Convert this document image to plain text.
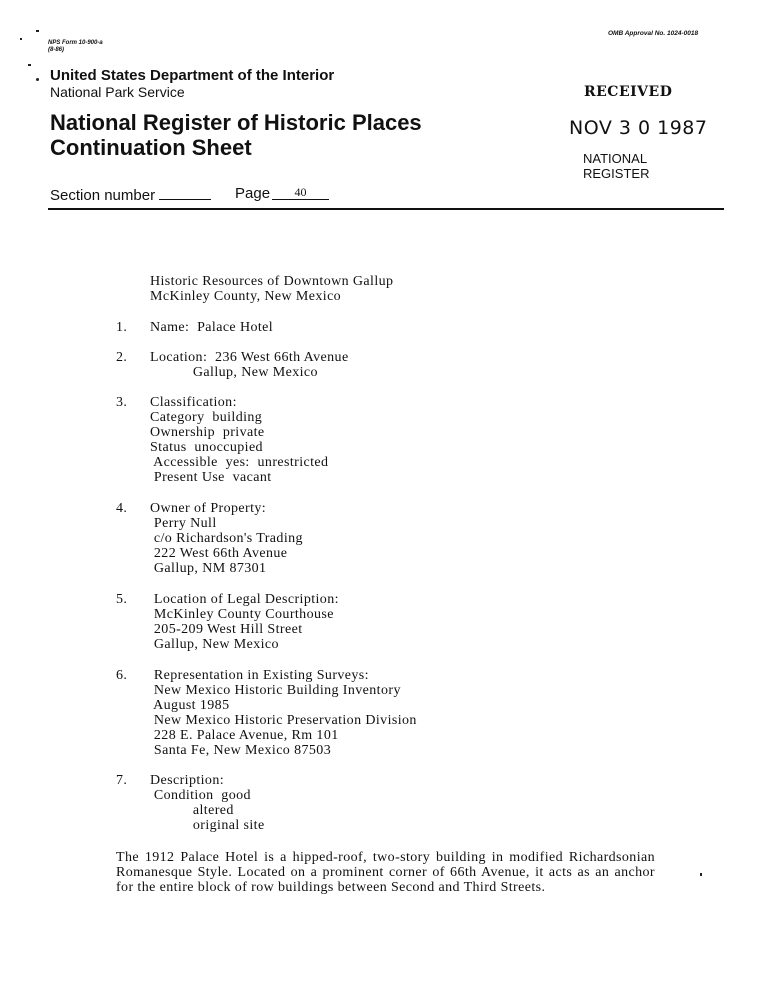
NPS Form 10-900-a
(8-86)
OMB Approval No. 1024-0018
United States Department of the Interior
National Park Service
National Register of Historic Places
Continuation Sheet
RECEIVED
NOV 3 0 1987
NATIONAL
REGISTER
Section number	Page	40
Historic Resources of Downtown Gallup
McKinley County, New Mexico
1. Name:  Palace Hotel
2. Location:  236 West 66th Avenue
Gallup, New Mexico
3. Classification:
Category  building
Ownership  private
Status  unoccupied
Accessible  yes:  unrestricted
Present Use  vacant
4. Owner of Property:
Perry Null
c/o Richardson's Trading
222 West 66th Avenue
Gallup, NM 87301
5. Location of Legal Description:
McKinley County Courthouse
205-209 West Hill Street
Gallup, New Mexico
6. Representation in Existing Surveys:
New Mexico Historic Building Inventory
August 1985
New Mexico Historic Preservation Division
228 E. Palace Avenue, Rm 101
Santa Fe, New Mexico 87503
7. Description:
Condition  good
altered
original site
The 1912 Palace Hotel is a hipped-roof, two-story building in modified Richardsonian Romanesque Style. Located on a prominent corner of 66th Avenue, it acts as an anchor for the entire block of row buildings between Second and Third Streets.
